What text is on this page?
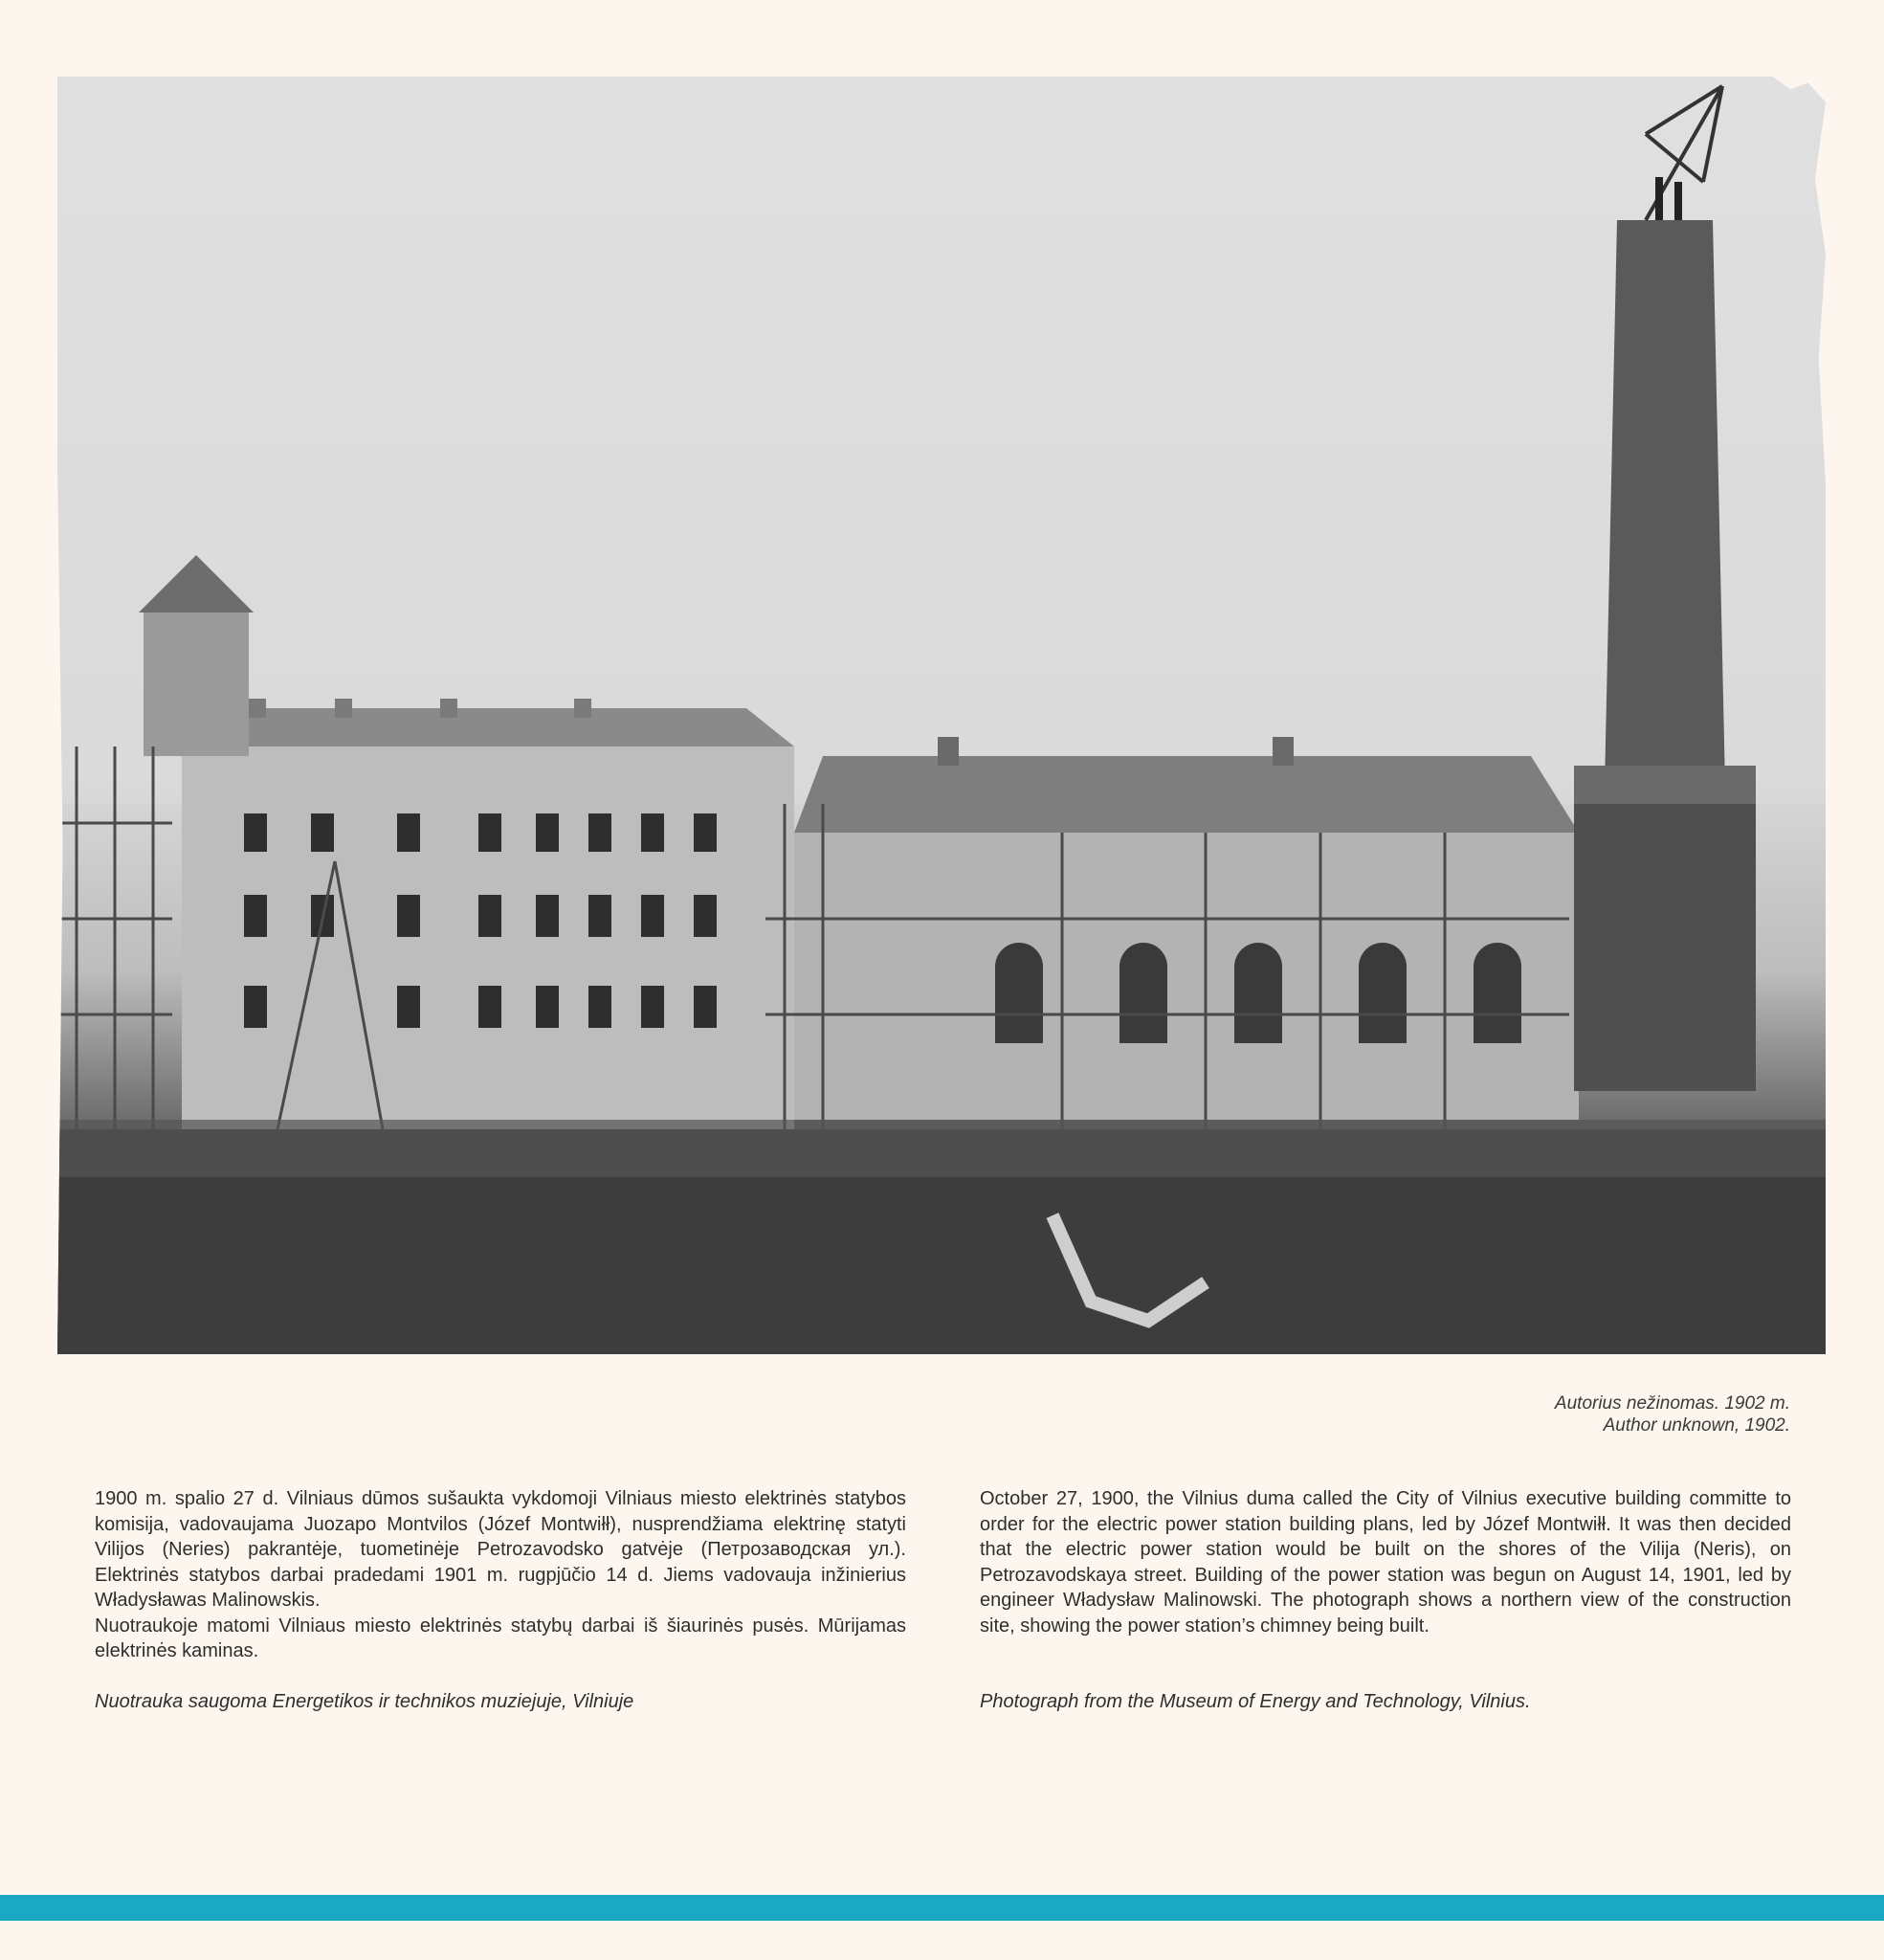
Autorius nežinomas. 1902 m.
Author unknown, 1902.

1900 m. spalio 27 d. Vilniaus dūmos sušaukta vykdomoji Vilniaus miesto elektrinės statybos komisija, vadovaujama Juozapo Montvilos (Józef Montwiłł), nusprendžiama elektrinę statyti Vilijos (Neries) pakrantėje, tuometinėje Petrozavodsko gatvėje (Петрозаводская ул.). Elektrinės statybos darbai pradedami 1901 m. rugpjūčio 14 d. Jiems vadovauja inžinierius Władysławas Malinowskis.

Nuotraukoje matomi Vilniaus miesto elektrinės statybų darbai iš šiaurinės pusės. Mūrijamas elektrinės kaminas.

Nuotrauka saugoma Energetikos ir technikos muziejuje, Vilniuje

October 27, 1900, the Vilnius duma called the City of Vilnius executive building committe to order for the electric power station building plans, led by Józef Montwiłł. It was then decided that the electric power station would be built on the shores of the Vilija (Neris), on Petrozavodskaya street. Building of the power station was begun on August 14, 1901, led by engineer Władysław Malinowski. The photograph shows a northern view of the construction site, showing the power station’s chimney being built.

Photograph from the Museum of Energy and Technology, Vilnius.
